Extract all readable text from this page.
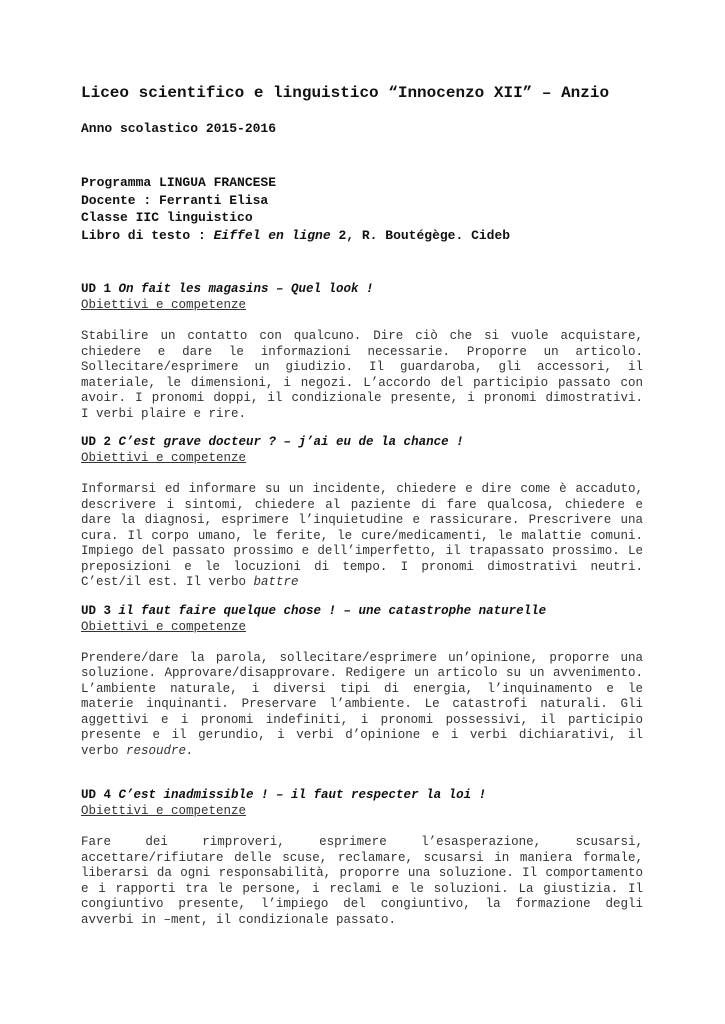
Liceo scientifico e linguistico “Innocenzo XII” – Anzio
Anno scolastico 2015-2016
Programma LINGUA FRANCESE
Docente : Ferranti Elisa
Classe IIC linguistico
Libro di testo : Eiffel en ligne 2, R. Boutégège. Cideb
UD 1 On fait les magasins – Quel look !
Obiettivi e competenze
Stabilire un contatto con qualcuno. Dire ciò che si vuole acquistare, chiedere e dare le informazioni necessarie. Proporre un articolo. Sollecitare/esprimere un giudizio. Il guardaroba, gli accessori, il materiale, le dimensioni, i negozi. L’accordo del participio passato con avoir. I pronomi doppi, il condizionale presente, i pronomi dimostrativi. I verbi plaire e rire.
UD 2 C’est grave docteur ? – j’ai eu de la chance !
Obiettivi e competenze
Informarsi ed informare su un incidente, chiedere e dire come è accaduto, descrivere i sintomi, chiedere al paziente di fare qualcosa, chiedere e dare la diagnosi, esprimere l’inquietudine e rassicurare. Prescrivere una cura. Il corpo umano, le ferite, le cure/medicamenti, le malattie comuni. Impiego del passato prossimo e dell’imperfetto, il trapassato prossimo. Le preposizioni e le locuzioni di tempo. I pronomi dimostrativi neutri. C’est/il est. Il verbo battre
UD 3 il faut faire quelque chose ! – une catastrophe naturelle
Obiettivi e competenze
Prendere/dare la parola, sollecitare/esprimere un’opinione, proporre una soluzione. Approvare/disapprovare. Redigere un articolo su un avvenimento. L’ambiente naturale, i diversi tipi di energia, l’inquinamento e le materie inquinanti. Preservare l’ambiente. Le catastrofi naturali. Gli aggettivi e i pronomi indefiniti, i pronomi possessivi, il participio presente e il gerundio, i verbi d’opinione e i verbi dichiarativi, il verbo resoudre.
UD 4 C’est inadmissible ! – il faut respecter la loi !
Obiettivi e competenze
Fare dei rimproveri, esprimere l’esasperazione, scusarsi, accettare/rifiutare delle scuse, reclamare, scusarsi in maniera formale, liberarsi da ogni responsabilità, proporre una soluzione. Il comportamento e i rapporti tra le persone, i reclami e le soluzioni. La giustizia. Il congiuntivo presente, l’impiego del congiuntivo, la formazione degli avverbi in –ment, il condizionale passato.
